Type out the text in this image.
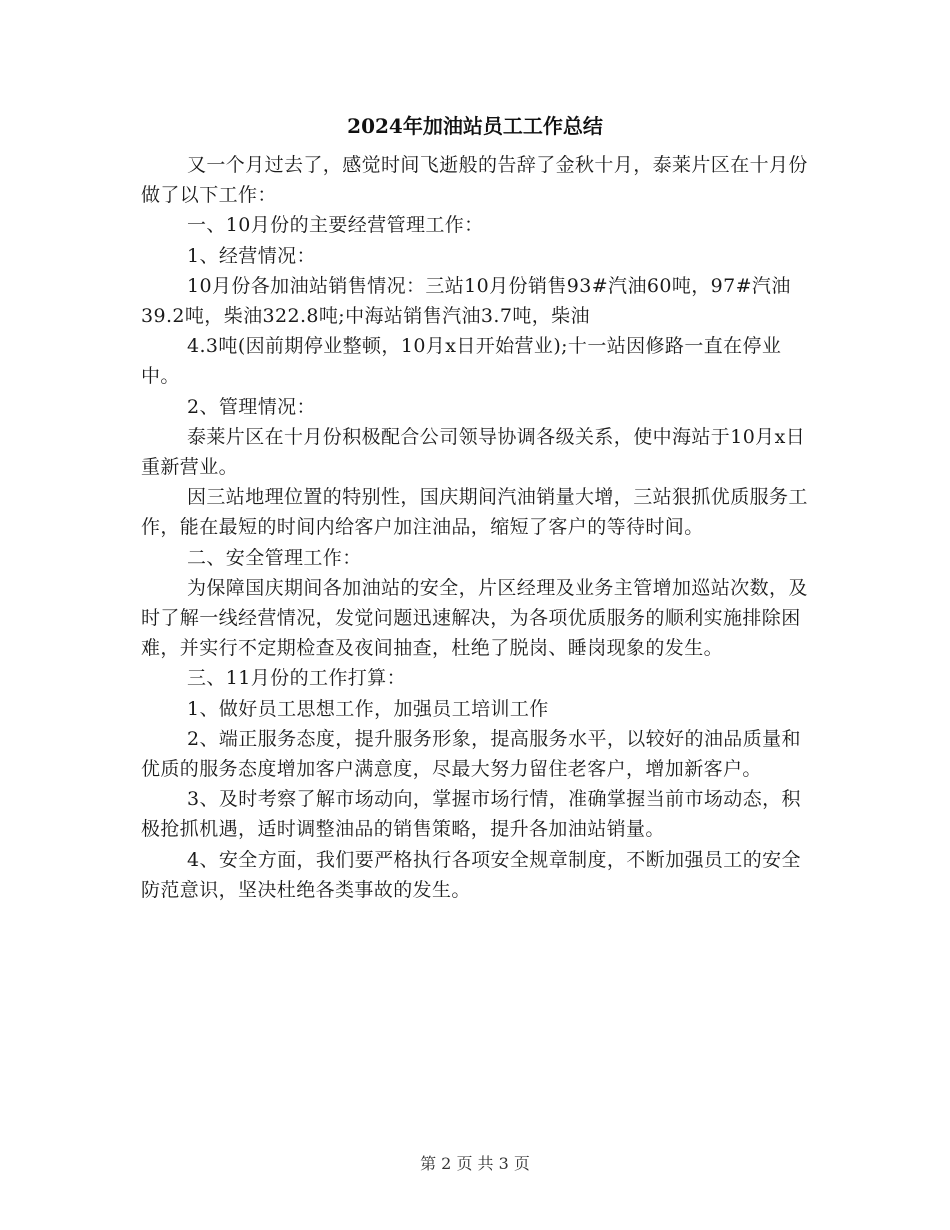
2024年加油站员工工作总结

又一个月过去了，感觉时间飞逝般的告辞了金秋十月，泰莱片区在十月份做了以下工作：

一、10月份的主要经营管理工作：

1、经营情况：

10月份各加油站销售情况：三站10月份销售93#汽油60吨，97#汽油39.2吨，柴油322.8吨;中海站销售汽油3.7吨，柴油

4.3吨(因前期停业整顿，10月x日开始营业);十一站因修路一直在停业中。

2、管理情况：

泰莱片区在十月份积极配合公司领导协调各级关系，使中海站于10月x日重新营业。

因三站地理位置的特别性，国庆期间汽油销量大增，三站狠抓优质服务工作，能在最短的时间内给客户加注油品，缩短了客户的等待时间。

二、安全管理工作：

为保障国庆期间各加油站的安全，片区经理及业务主管增加巡站次数，及时了解一线经营情况，发觉问题迅速解决，为各项优质服务的顺利实施排除困难，并实行不定期检查及夜间抽查，杜绝了脱岗、睡岗现象的发生。

三、11月份的工作打算：

1、做好员工思想工作，加强员工培训工作

2、端正服务态度，提升服务形象，提高服务水平，以较好的油品质量和优质的服务态度增加客户满意度，尽最大努力留住老客户，增加新客户。

3、及时考察了解市场动向，掌握市场行情，准确掌握当前市场动态，积极抢抓机遇，适时调整油品的销售策略，提升各加油站销量。

4、安全方面，我们要严格执行各项安全规章制度，不断加强员工的安全防范意识，坚决杜绝各类事故的发生。

第 2 页 共 3 页
